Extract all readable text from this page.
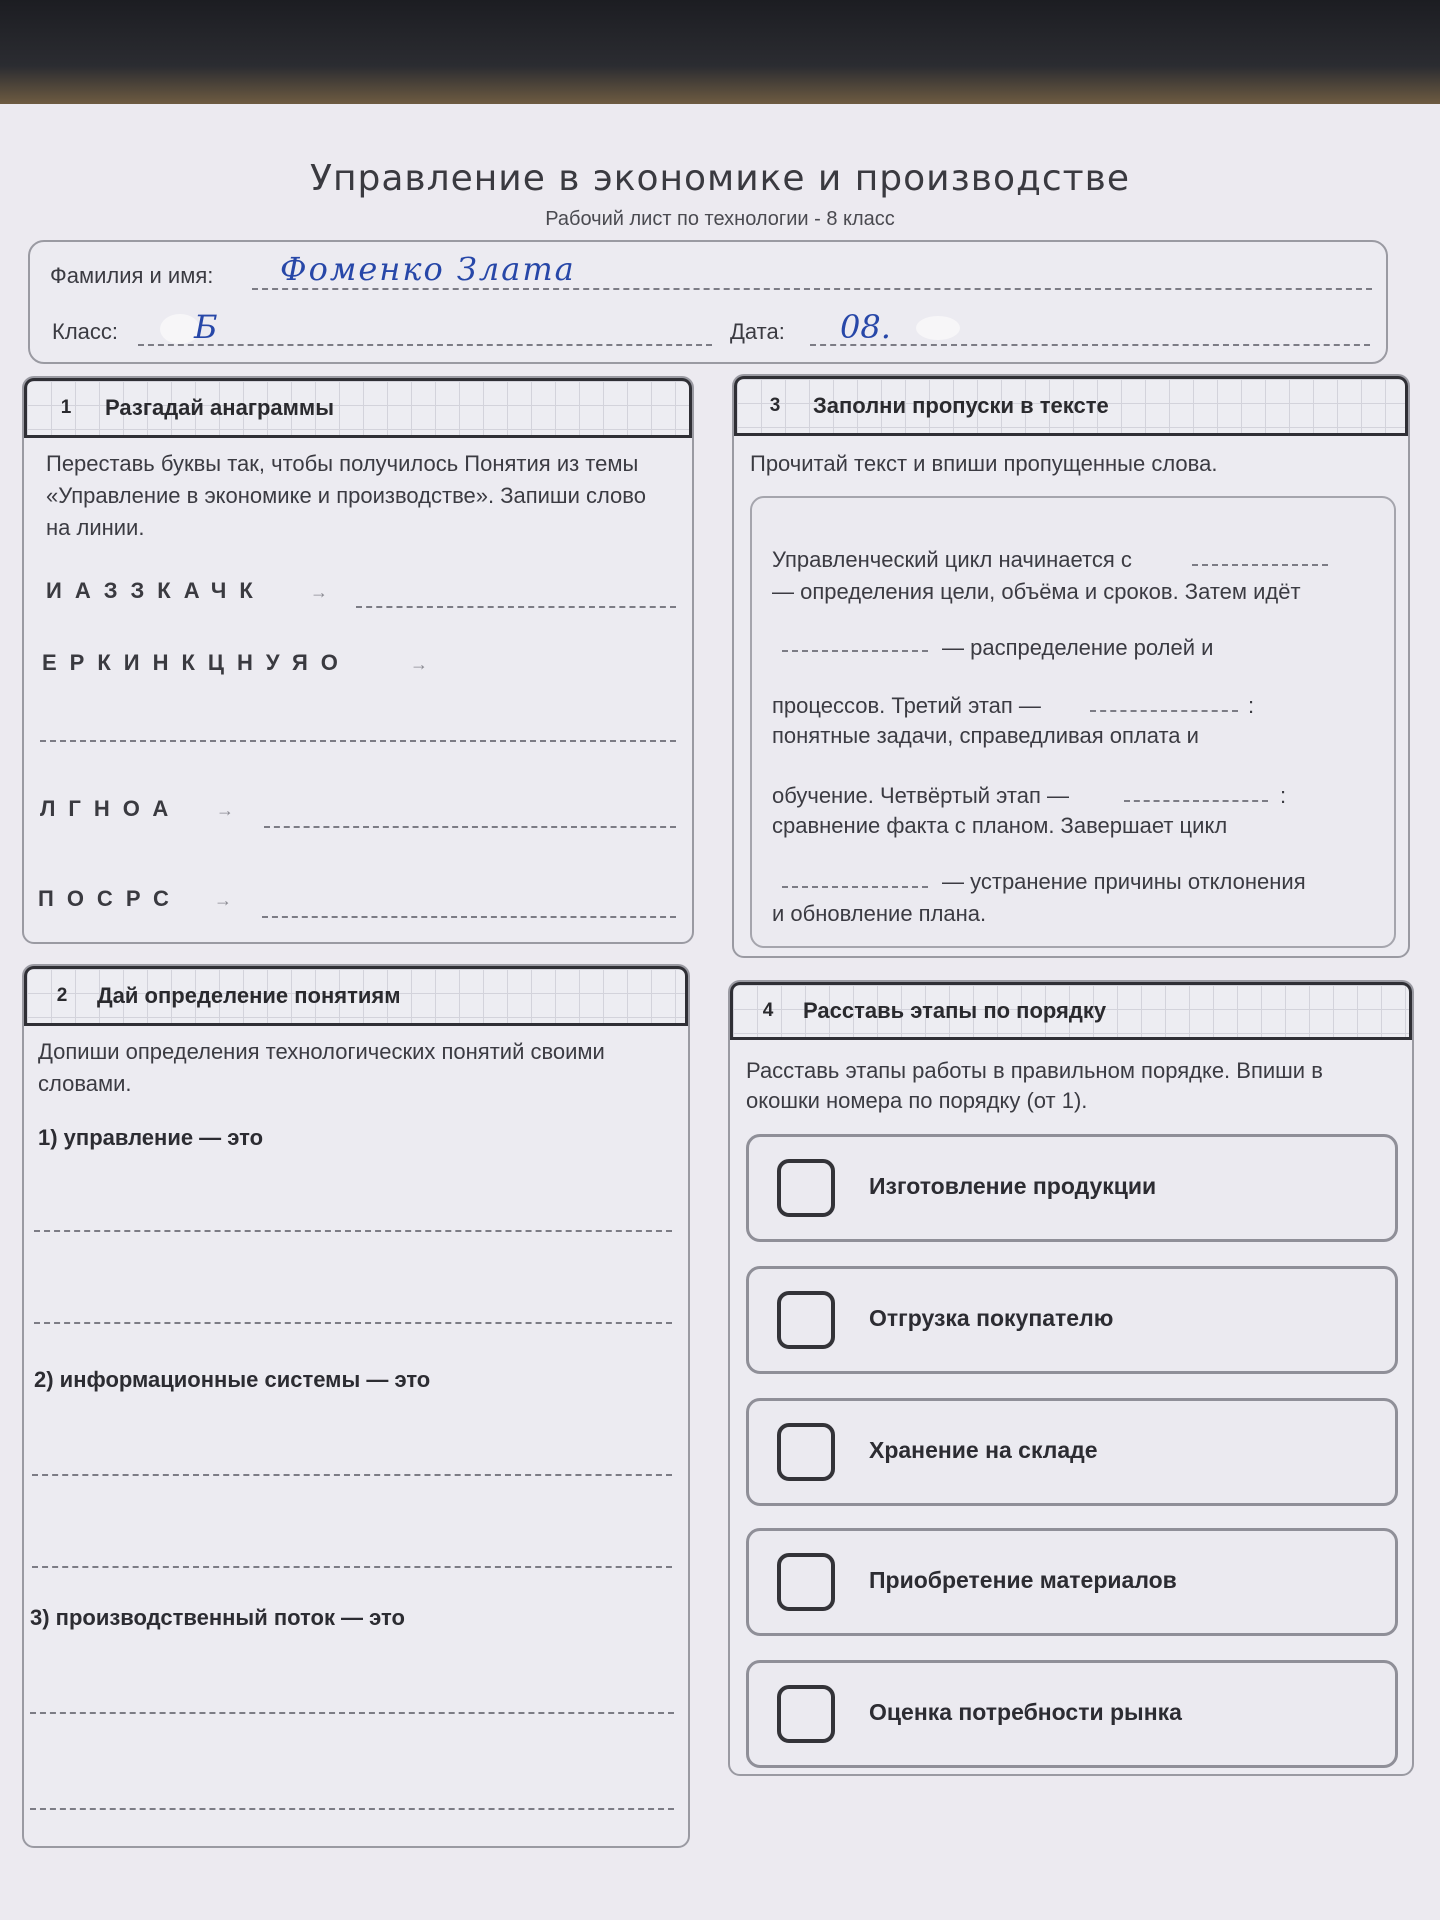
Управление в экономике и производстве
Рабочий лист по технологии - 8 класс
Фамилия и имя: Фоменко Злата
Класс: Б	Дата: 08.
1	Разгадай анаграммы
Переставь буквы так, чтобы получилось Понятия из темы «Управление в экономике и производстве». Запиши слово на линии.
ИАЗЗКАЧК →
ЕРКИНКЦНУЯО	→
ЛГНОА →
ПОСРС →
2	Дай определение понятиям
Допиши определения технологических понятий своими словами.
1) управление — это
2) информационные системы — это
3) производственный поток — это
3	Заполни пропуски в тексте
Прочитай текст и впиши пропущенные слова.
Управленческий цикл начинается с
— определения цели, объёма и сроков. Затем идёт
— распределение ролей и
процессов. Третий этап —	:
понятные задачи, справедливая оплата и
обучение. Четвёртый этап —	:
сравнение факта с планом. Завершает цикл
— устранение причины отклонения
и обновление плана.
4	Расставь этапы по порядку
Расставь этапы работы в правильном порядке. Впиши в окошки номера по порядку (от 1).
Изготовление продукции
Отгрузка покупателю
Хранение на складе
Приобретение материалов
Оценка потребности рынка
